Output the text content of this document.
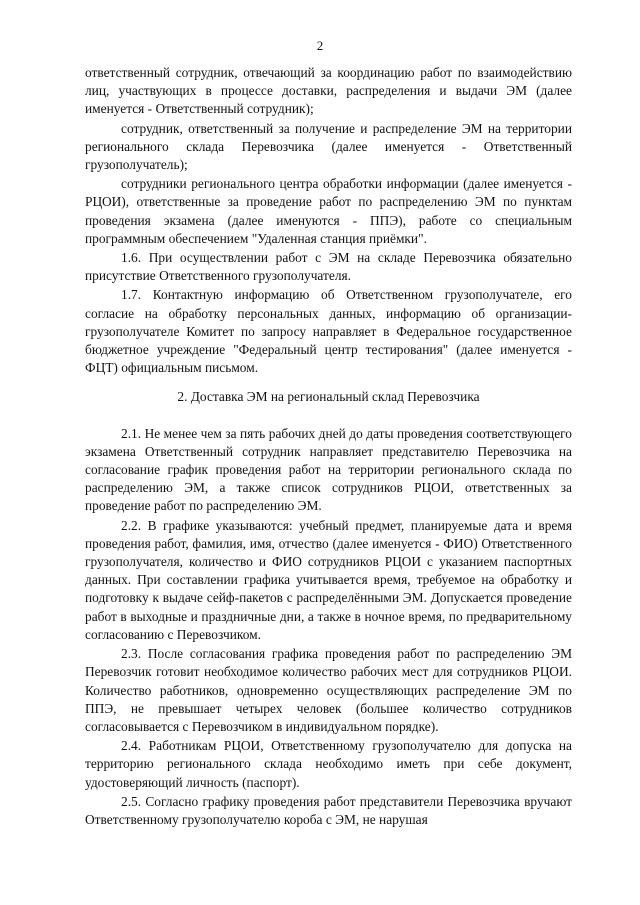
2

ответственный сотрудник, отвечающий за координацию работ по взаимодействию лиц, участвующих в процессе доставки, распределения и выдачи ЭМ (далее именуется - Ответственный сотрудник);

сотрудник, ответственный за получение и распределение ЭМ на территории регионального склада Перевозчика (далее именуется - Ответственный грузополучатель);

сотрудники регионального центра обработки информации (далее именуется - РЦОИ), ответственные за проведение работ по распределению ЭМ по пунктам проведения экзамена (далее именуются - ППЭ), работе со специальным программным обеспечением "Удаленная станция приёмки".

1.6. При осуществлении работ с ЭМ на складе Перевозчика обязательно присутствие Ответственного грузополучателя.

1.7. Контактную информацию об Ответственном грузополучателе, его согласие на обработку персональных данных, информацию об организации-грузополучателе Комитет по запросу направляет в Федеральное государственное бюджетное учреждение "Федеральный центр тестирования" (далее именуется - ФЦТ) официальным письмом.

2. Доставка ЭМ на региональный склад Перевозчика

2.1. Не менее чем за пять рабочих дней до даты проведения соответствующего экзамена Ответственный сотрудник направляет представителю Перевозчика на согласование график проведения работ на территории регионального склада по распределению ЭМ, а также список сотрудников РЦОИ, ответственных за проведение работ по распределению ЭМ.

2.2. В графике указываются: учебный предмет, планируемые дата и время проведения работ, фамилия, имя, отчество (далее именуется - ФИО) Ответственного грузополучателя, количество и ФИО сотрудников РЦОИ с указанием паспортных данных. При составлении графика учитывается время, требуемое на обработку и подготовку к выдаче сейф-пакетов с распределёнными ЭМ. Допускается проведение работ в выходные и праздничные дни, а также в ночное время, по предварительному согласованию с Перевозчиком.

2.3. После согласования графика проведения работ по распределению ЭМ Перевозчик готовит необходимое количество рабочих мест для сотрудников РЦОИ. Количество работников, одновременно осуществляющих распределение ЭМ по ППЭ, не превышает четырех человек (большее количество сотрудников согласовывается с Перевозчиком в индивидуальном порядке).

2.4. Работникам РЦОИ, Ответственному грузополучателю для допуска на территорию регионального склада необходимо иметь при себе документ, удостоверяющий личность (паспорт).

2.5. Согласно графику проведения работ представители Перевозчика вручают Ответственному грузополучателю короба с ЭМ, не нарушая
